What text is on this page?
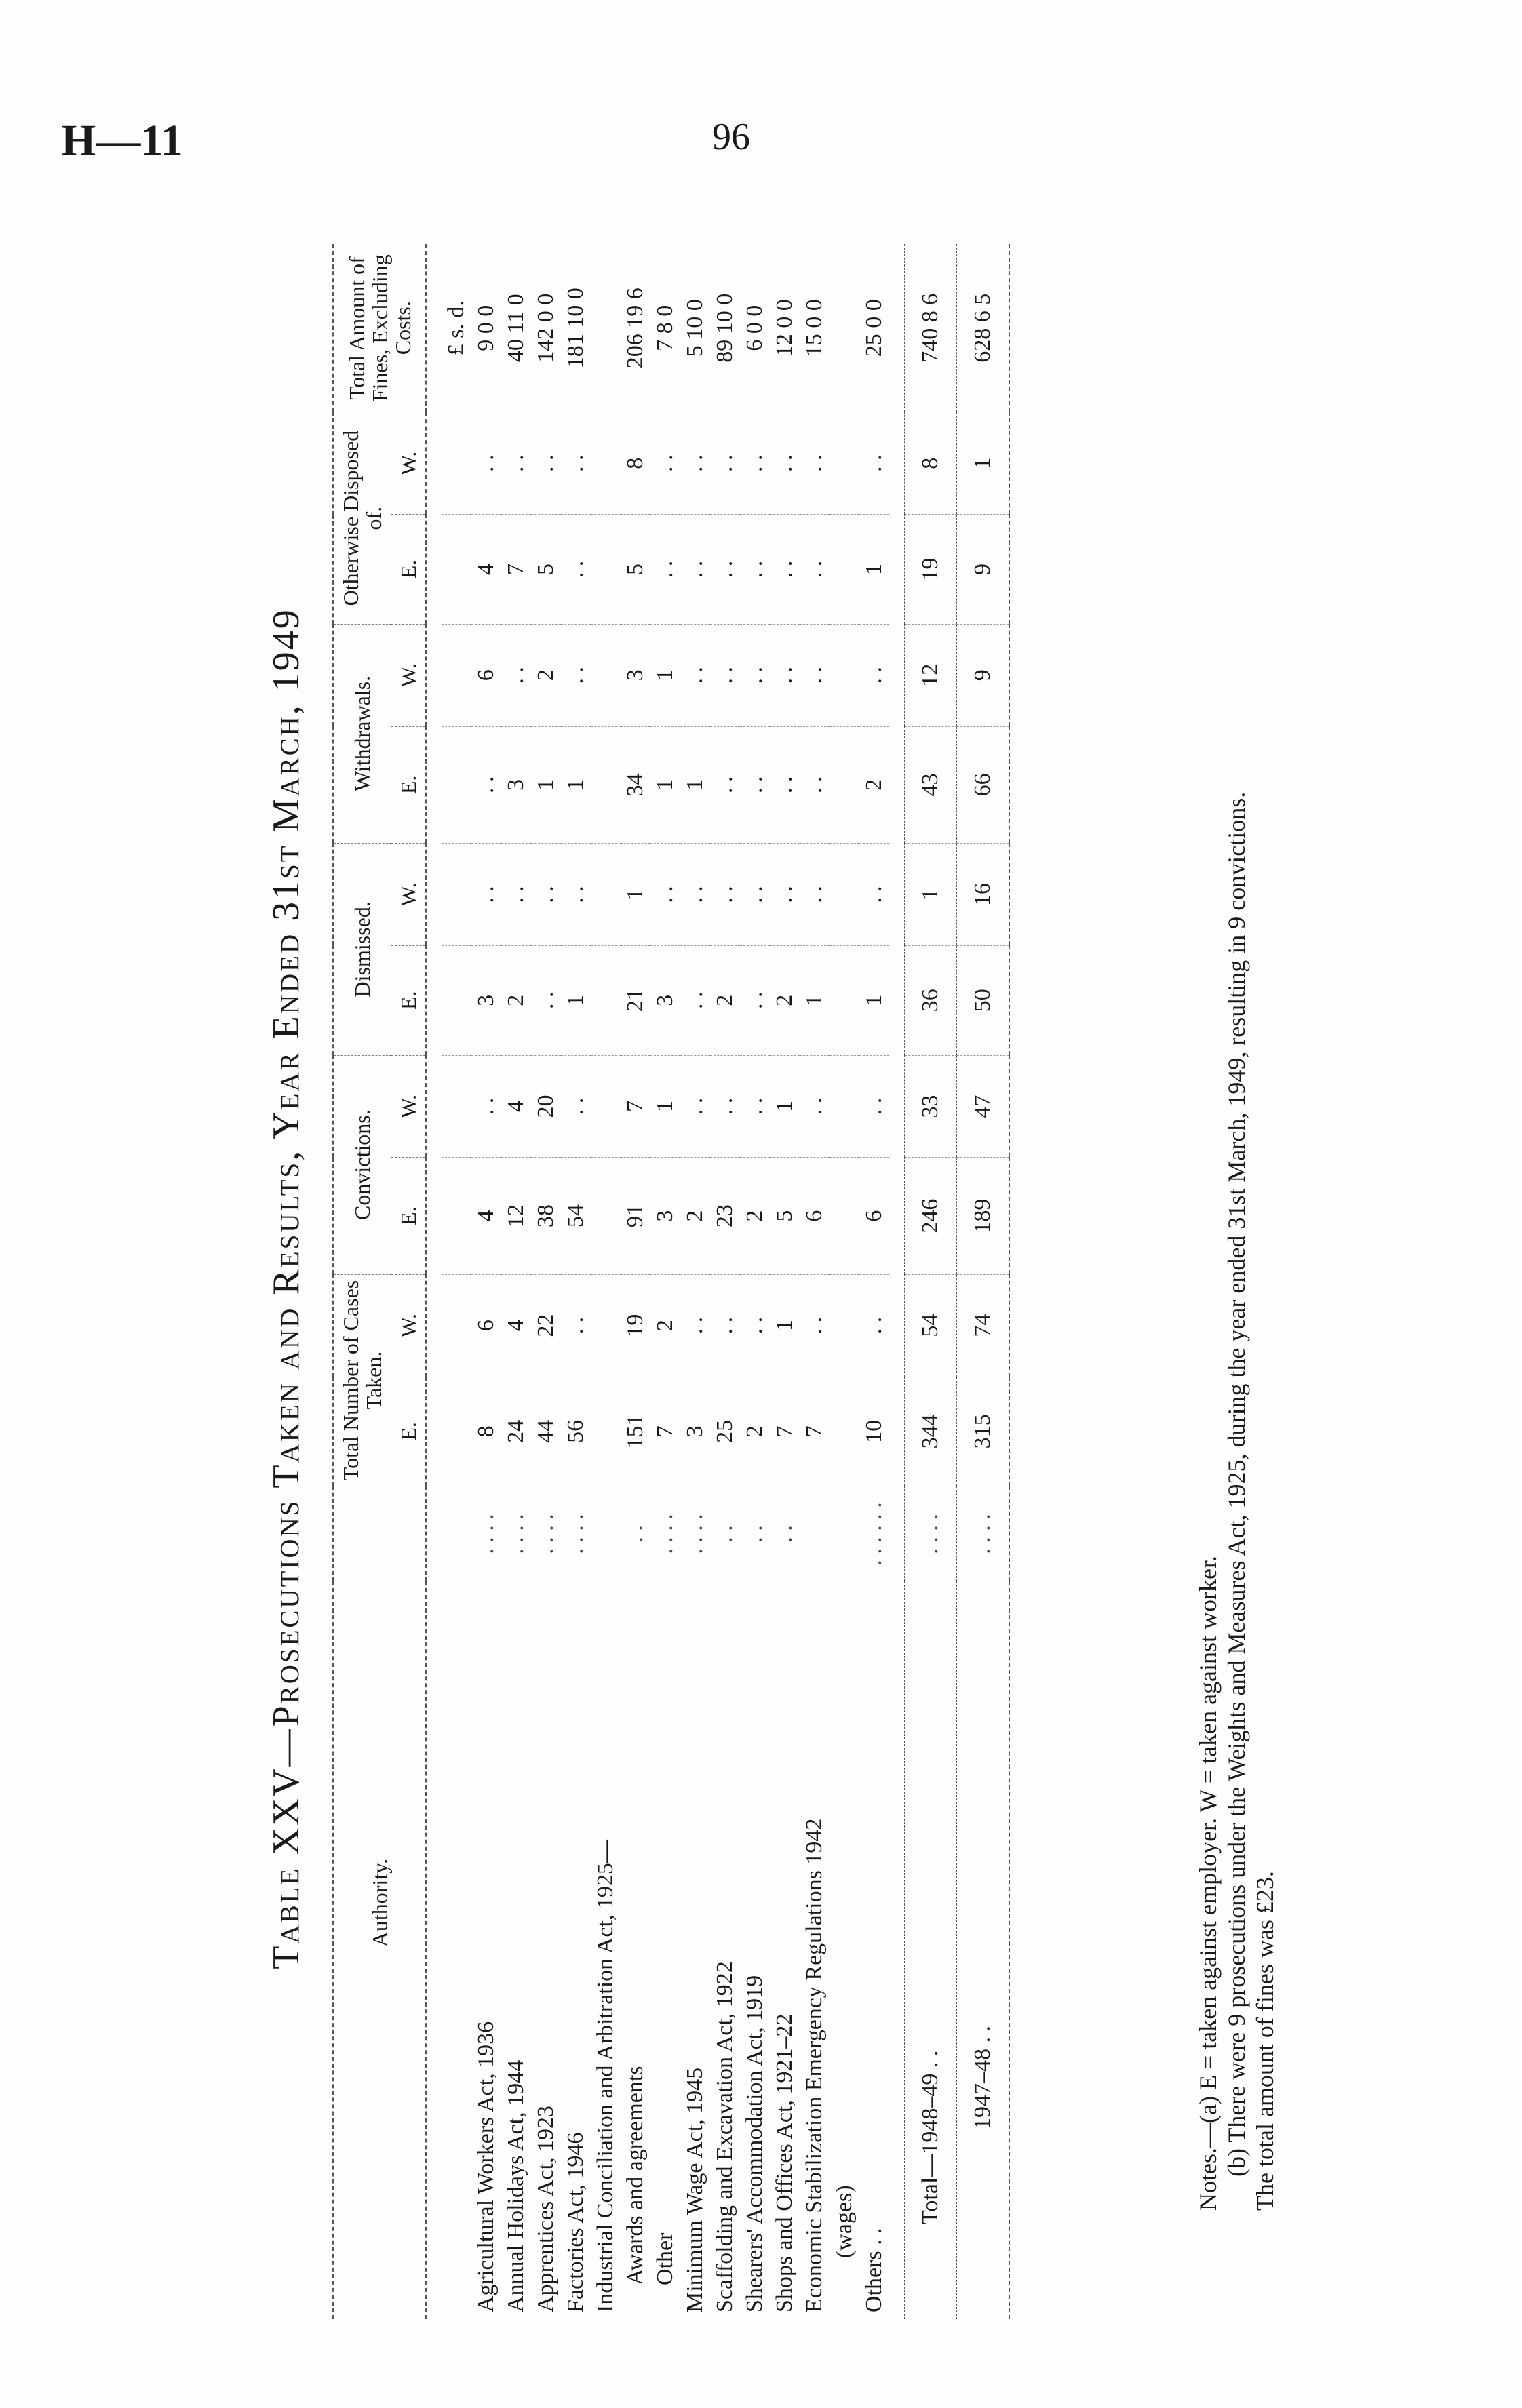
H—11	96
Table XXV—Prosecutions Taken and Results, Year Ended 31st March, 1949	Authority.		Total Number of Cases Taken.		Convictions.		Dismissed.		Withdrawals.		Otherwise Disposed of.		Total Amount of Fines, Excluding Costs.
		E.	W.	E.	W.	E.	W.	E.	W.	E.	W.	

												£ s. d.
Agricultural Workers Act, 1936	. . . .	8	6	4	. .	3	. .	. .	6	4	. .	9 0 0
Annual Holidays Act, 1944	. . . .	24	4	12	4	2	. .	3	. .	7	. .	40 11 0
Apprentices Act, 1923	. . . .	44	22	38	20	. .	. .	1	2	5	. .	142 0 0
Factories Act, 1946	. . . .	56	. .	54	. .	1	. .	1	. .	. .	. .	181 10 0
Industrial Conciliation and Arbitration Act, 1925—												
Awards and agreements	. .	151	19	91	7	21	1	34	3	5	8	206 19 6
Other	. . . .	7	2	3	1	3	. .	1	1	. .	. .	7 8 0
Minimum Wage Act, 1945	. . . .	3	. .	2	. .	. .	. .	1	. .	. .	. .	5 10 0
Scaffolding and Excavation Act, 1922	. .	25	. .	23	. .	2	. .	. .	. .	. .	. .	89 10 0
Shearers' Accommodation Act, 1919	. .	2	. .	2	. .	. .	. .	. .	. .	. .	. .	6 0 0
Shops and Offices Act, 1921–22	. .	7	1	5	1	2	. .	. .	. .	. .	. .	12 0 0
Economic Stabilization Emergency Regulations 1942		7	. .	6	. .	1	. .	. .	. .	. .	. .	15 0 0
(wages)												
Others . .	. . . . . .	10	. .	6	. .	1	. .	2	. .	1	. .	25 0 0

Total—1948–49 . .	. . . .	344	54	246	33	36	1	43	12	19	8	740 8 6
1947–48 . .	. . . .	315	74	189	47	50	16	66	9	9	1	628 6 5
Notes.—(a) E = taken against employer. W = taken against worker. (b) There were 9 prosecutions under the Weights and Measures Act, 1925, during the year ended 31st March, 1949, resulting in 9 convictions. The total amount of fines was £23.
